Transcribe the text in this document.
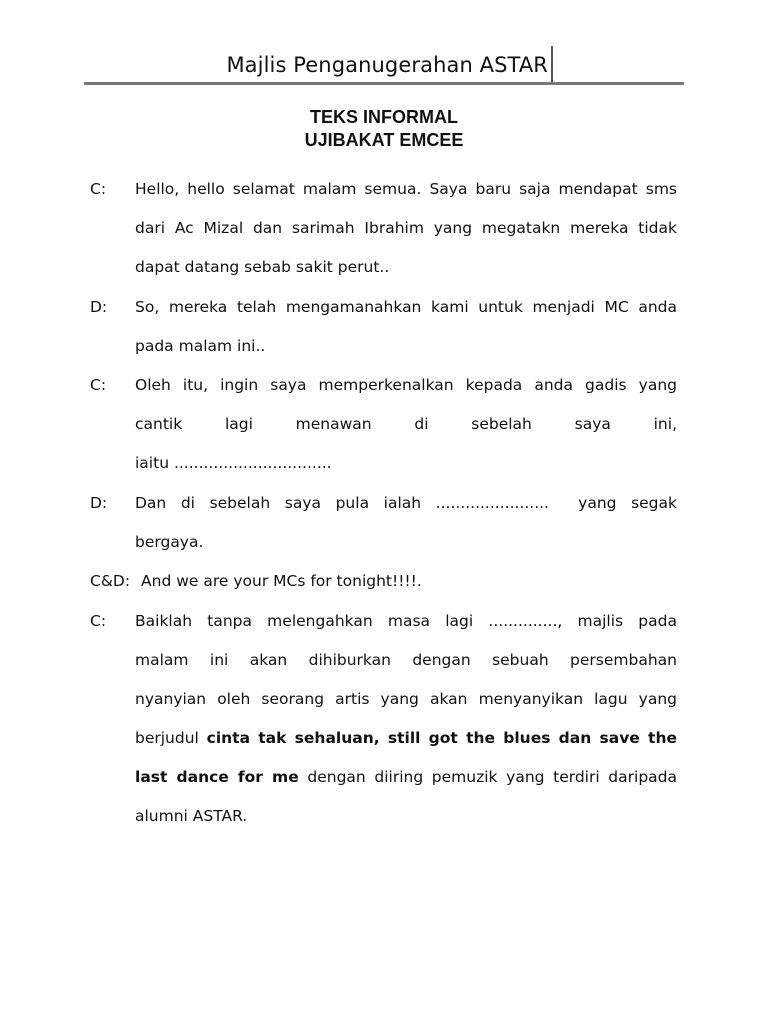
Majlis Penganugerahan ASTAR
TEKS INFORMAL
UJIBAKAT EMCEE
C: Hello, hello selamat malam semua. Saya baru saja mendapat sms
dari Ac Mizal dan sarimah Ibrahim yang megatakn mereka tidak
dapat datang sebab sakit perut..
D: So, mereka telah mengamanahkan kami untuk menjadi MC anda
pada malam ini..
C: Oleh itu, ingin saya memperkenalkan kepada anda gadis yang
cantik lagi menawan di sebelah saya ini,
iaitu ................................
D: Dan di sebelah saya pula ialah .......................  yang segak
bergaya.
C&D: And we are your MCs for tonight!!!!.
C: Baiklah tanpa melengahkan masa lagi .............., majlis pada
malam ini akan dihiburkan dengan sebuah persembahan
nyanyian oleh seorang artis yang akan menyanyikan lagu yang
berjudul cinta tak sehaluan, still got the blues dan save the
last dance for me dengan diiring pemuzik yang terdiri daripada
alumni ASTAR.
